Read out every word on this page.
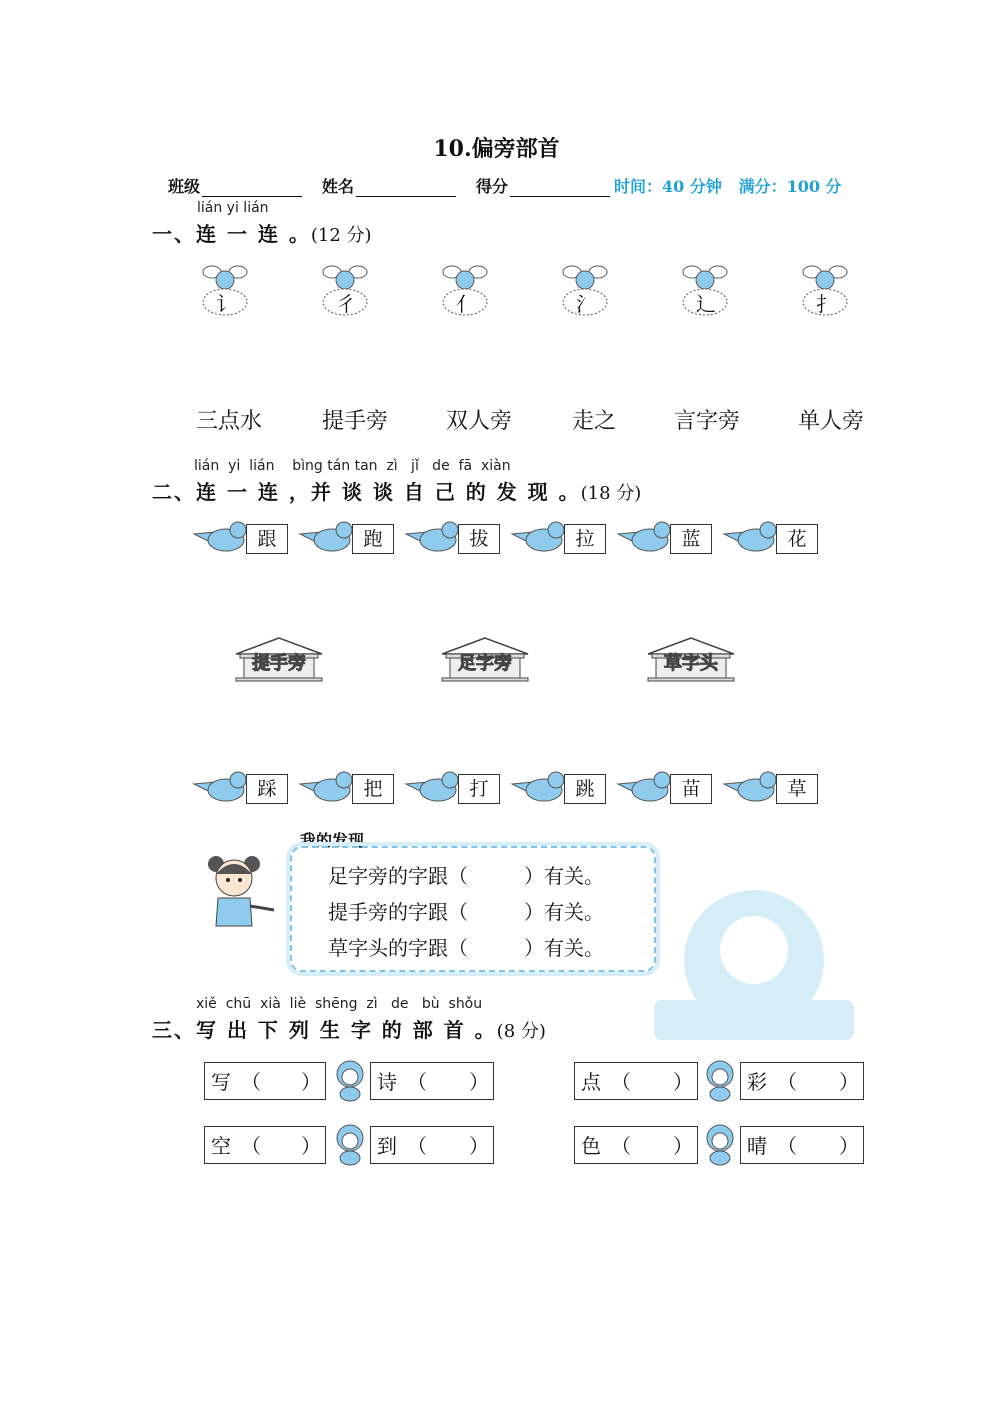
10.偏旁部首
班级	姓名	得分	时间：40 分钟 满分：100 分
lián yi lián
一、连 一 连 。(12 分)
讠	彳	亻	氵	辶	扌
三点水	提手旁	双人旁	走之	言字旁	单人旁
lián  yi  lián    bìng tán tan  zì   jǐ   de  fā  xiàn
二、连 一 连 ，并 谈 谈 自 己 的 发 现 。(18 分)
跟	跑	拔	拉	蓝	花
提手旁	足字旁	草字头
踩	把	打	跳	苗	草
我的发现
足字旁的字跟（	）有关。
提手旁的字跟（	）有关。
草字头的字跟（	）有关。
xiě  chū  xià  liè  shēng  zì   de   bù  shǒu
三、写 出 下 列 生 字 的 部 首 。(8 分)
写 （ ）	诗 （ ）	点 （ ）	彩 （ ）
空 （ ）	到 （ ）	色 （ ）	晴 （ ）
